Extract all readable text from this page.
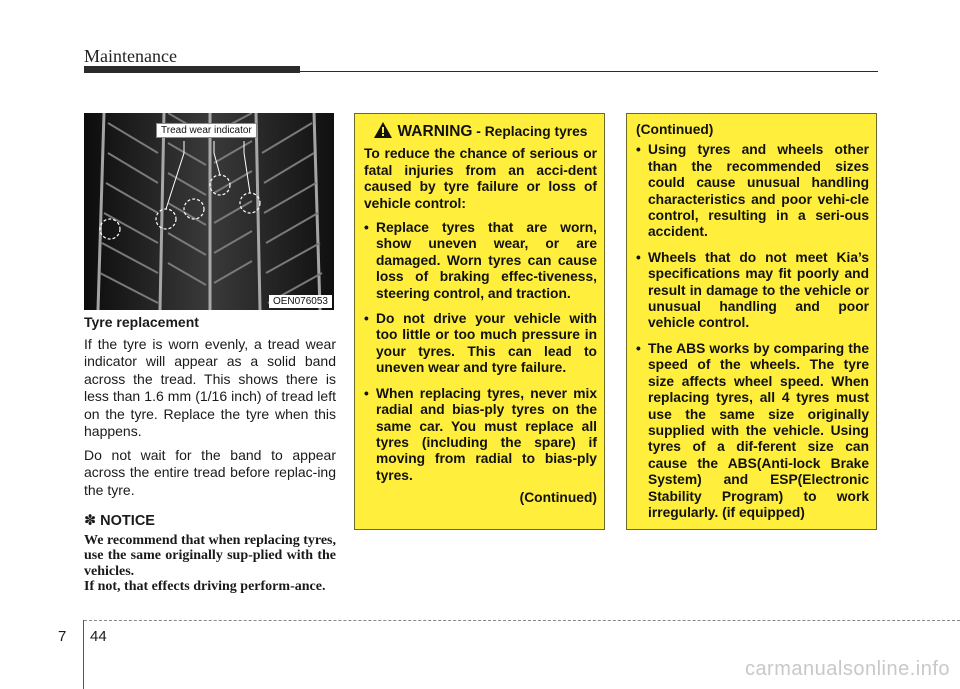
Maintenance
Tread wear indicator
OEN076053
Tyre replacement

If the tyre is worn evenly, a tread wear indicator will appear as a solid band across the tread. This shows there is less than 1.6 mm (1/16 inch) of tread left on the tyre. Replace the tyre when this happens.

Do not wait for the band to appear across the entire tread before replac-ing the tyre.

✽ NOTICE

We recommend that when replacing tyres, use the same originally sup-plied with the vehicles.

If not, that effects driving perform-ance.

WARNING - Replacing tyres

To reduce the chance of serious or fatal injuries from an acci-dent caused by tyre failure or loss of vehicle control:

• Replace tyres that are worn, show uneven wear, or are damaged. Worn tyres can cause loss of braking effec-tiveness, steering control, and traction.
• Do not drive your vehicle with too little or too much pressure in your tyres. This can lead to uneven wear and tyre failure.
• When replacing tyres, never mix radial and bias-ply tyres on the same car. You must replace all tyres (including the spare) if moving from radial to bias-ply tyres.
(Continued)
(Continued)
• Using tyres and wheels other than the recommended sizes could cause unusual handling characteristics and poor vehi-cle control, resulting in a seri-ous accident.
• Wheels that do not meet Kia’s specifications may fit poorly and result in damage to the vehicle or unusual handling and poor vehicle control.
• The ABS works by comparing the speed of the wheels. The tyre size affects wheel speed. When replacing tyres, all 4 tyres must use the same size originally supplied with the vehicle. Using tyres of a dif-ferent size can cause the ABS(Anti-lock Brake System) and ESP(Electronic Stability Program) to work irregularly. (if equipped)
7 44
carmanualsonline.info
